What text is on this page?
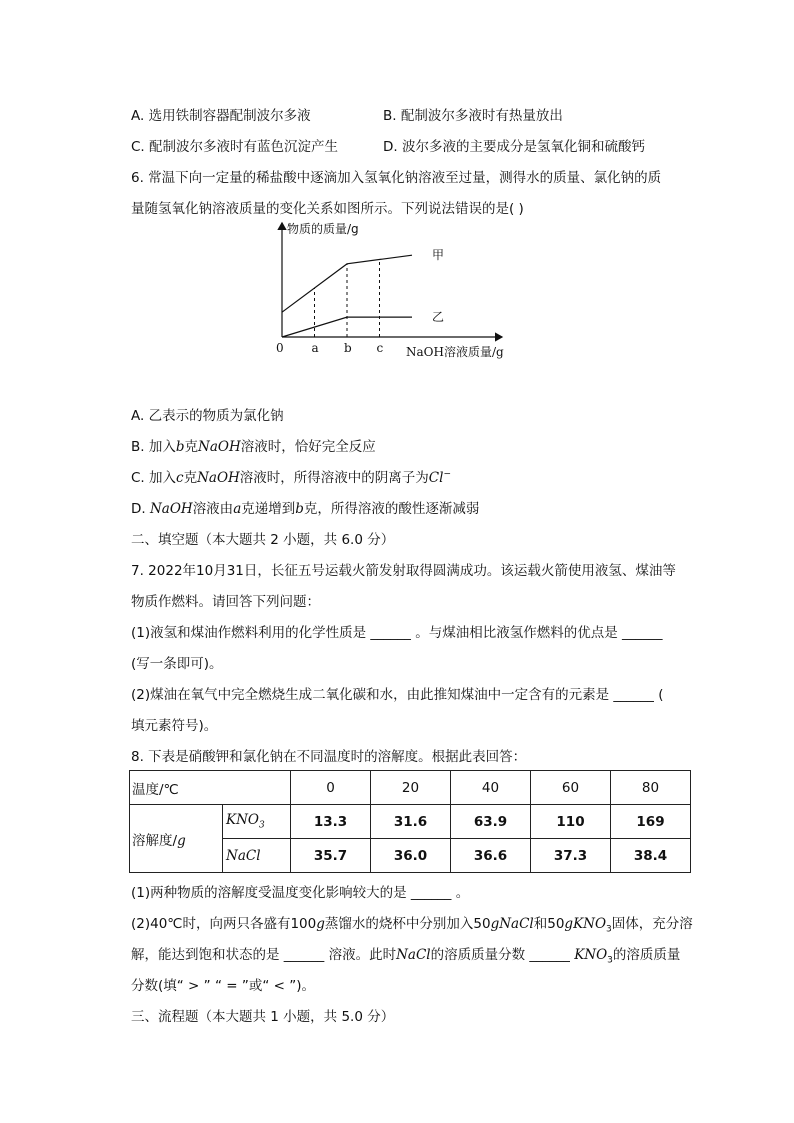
A. 选用铁制容器配制波尔多液	B. 配制波尔多液时有热量放出
C. 配制波尔多液时有蓝色沉淀产生	D. 波尔多液的主要成分是氢氧化铜和硫酸钙
6. 常温下向一定量的稀盐酸中逐滴加入氢氧化钠溶液至过量，测得水的质量、氯化钠的质
量随氢氧化钠溶液质量的变化关系如图所示。下列说法错误的是( )
物质的质量/g
NaOH溶液质量/g
0 a b c
甲
乙
A. 乙表示的物质为氯化钠
B. 加入b克NaOH溶液时，恰好完全反应
C. 加入c克NaOH溶液时，所得溶液中的阴离子为Cl−
D. NaOH溶液由a克递增到b克，所得溶液的酸性逐渐减弱
二、填空题（本大题共 2 小题，共 6.0 分）
7. 2022年10月31日，长征五号运载火箭发射取得圆满成功。该运载火箭使用液氢、煤油等
物质作燃料。请回答下列问题：
(1)液氢和煤油作燃料利用的化学性质是 ______ 。与煤油相比液氢作燃料的优点是 ______
(写一条即可)。
(2)煤油在氧气中完全燃烧生成二氧化碳和水，由此推知煤油中一定含有的元素是 ______ (
填元素符号)。
8. 下表是硝酸钾和氯化钠在不同温度时的溶解度。根据此表回答：
温度/℃		0	20	40	60	80
溶解度/g	$KNO_3$	13.3	31.6	63.9	110	169
	NaCl	35.7	36.0	36.6	37.3	38.4
(1)两种物质的溶解度受温度变化影响较大的是 ______ 。
(2)40℃时，向两只各盛有100g蒸馏水的烧杯中分别加入50gNaCl和50gKNO$_3$固体，充分溶
解，能达到饱和状态的是 ______ 溶液。此时NaCl的溶质质量分数 ______ $KNO_3$的溶质质量
分数(填“ > ” “ = ”或“ < ”)。
三、流程题（本大题共 1 小题，共 5.0 分）
